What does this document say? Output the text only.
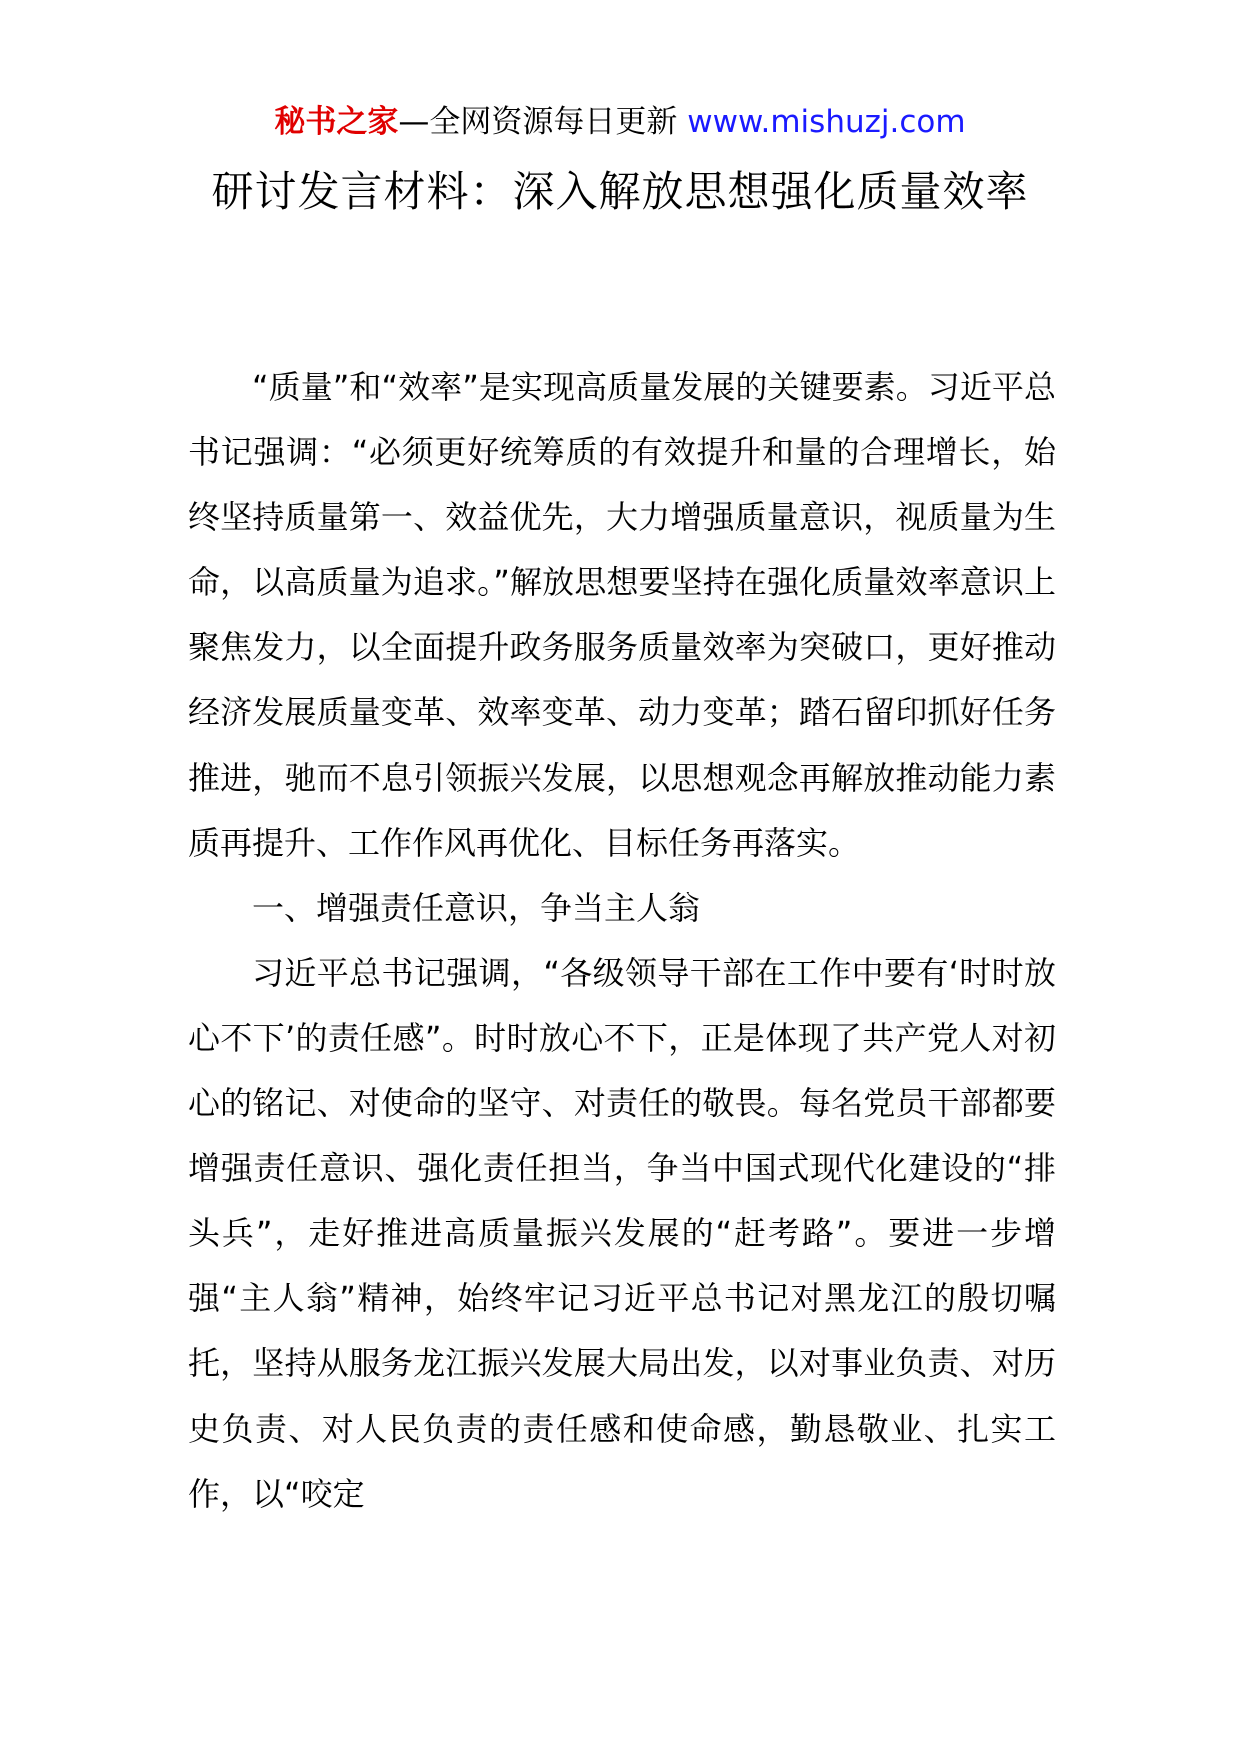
秘书之家—全网资源每日更新 www.mishuzj.com
研讨发言材料：深入解放思想强化质量效率

“质量”和“效率”是实现高质量发展的关键要素。习近平总书记强调：“必须更好统筹质的有效提升和量的合理增长，始终坚持质量第一、效益优先，大力增强质量意识，视质量为生命，以高质量为追求。”解放思想要坚持在强化质量效率意识上聚焦发力，以全面提升政务服务质量效率为突破口，更好推动经济发展质量变革、效率变革、动力变革；踏石留印抓好任务推进，驰而不息引领振兴发展，以思想观念再解放推动能力素质再提升、工作作风再优化、目标任务再落实。

一、增强责任意识，争当主人翁

习近平总书记强调，“各级领导干部在工作中要有‘时时放心不下’的责任感”。时时放心不下，正是体现了共产党人对初心的铭记、对使命的坚守、对责任的敬畏。每名党员干部都要增强责任意识、强化责任担当，争当中国式现代化建设的“排头兵”，走好推进高质量振兴发展的“赶考路”。要进一步增强“主人翁”精神，始终牢记习近平总书记对黑龙江的殷切嘱托，坚持从服务龙江振兴发展大局出发，以对事业负责、对历史负责、对人民负责的责任感和使命感，勤恳敬业、扎实工作，以“咬定
